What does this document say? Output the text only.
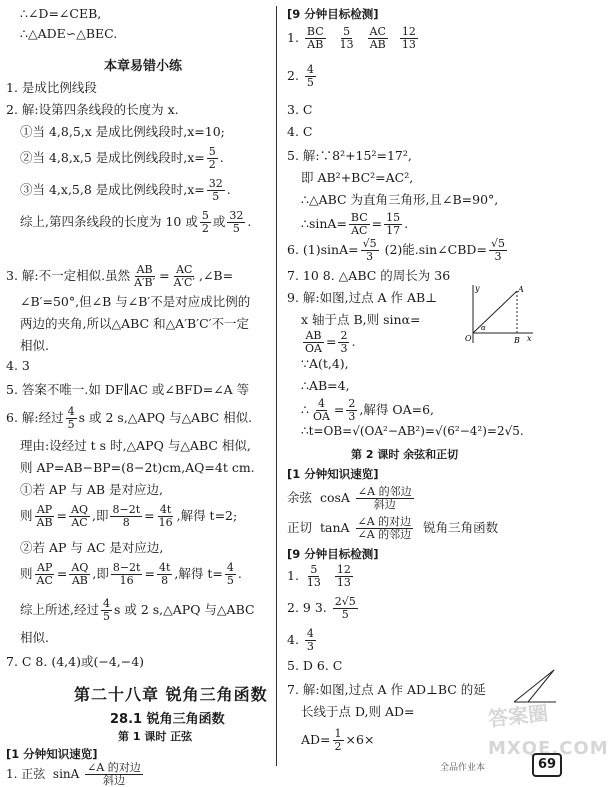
∴∠D=∠CEB,
∴△ADE∽△BEC.
本章易错小练
1. 是成比例线段
2. 解:设第四条线段的长度为 x.
①当 4,8,5,x 是成比例线段时,x=10;
②当 4,8,x,5 是成比例线段时$,x= \frac{5}{2}$ .
③当 4,x,5,8 是成比例线段时$,x= \frac{32}{5}$ .
综上,第四条线段的长度为 10 或 $\frac{5}{2}$ 或 $\frac{32}{5}$ .
3. 解:不一定相似.虽然 $\frac{AB}{A'B'} = \frac{AC}{A'C'}$ ,∠B=
∠B′=50°,但∠B 与∠B′不是对应成比例的
两边的夹角,所以△ABC 和△A′B′C′不一定
相似.
4. 3
5. 答案不唯一.如 DF∥AC 或∠BFD=∠A 等
6. 解:经过 $\frac{4}{5}$ s 或 2 s,△APQ 与△ABC 相似.
理由:设经过 t s 时,△APQ 与△ABC 相似,
则 AP=AB−BP=(8−2t)cm,AQ=4t cm.
①若 AP 与 AB 是对应边,
则 $\frac{AP}{AB} = \frac{AQ}{AC}$ ,即 $\frac{8-2t}{8} = \frac{4t}{16}$ ,解得 t=2;
②若 AP 与 AC 是对应边,
则 $\frac{AP}{AC} = \frac{AQ}{AB}$ ,即 $\frac{8-2t}{16} = \frac{4t}{8}$ ,解得 $t= \frac{4}{5}$ .
综上所述,经过 $\frac{4}{5}$ s 或 2 s,△APQ 与△ABC
相似.
7. C 8. (4,4)或(−4,−4)
第二十八章 锐角三角函数
28.1 锐角三角函数
第 1 课时 正弦
[1 分钟知识速览]
1. 正弦 sinA $\frac{\text{∠A 的对边}}{\text{斜边}}$
[9 分钟目标检测]
1. $\frac{BC}{AB}$
$\frac{5}{13}$
$\frac{AC}{AB}$
$\frac{12}{13}$
2. $\frac{4}{5}$
3. C
4. C
5. 解:∵8²+15²=17²,
即 AB²+BC²=AC²,
∴△ABC 为直角三角形,且∠B=90°,
∴sinA= $\frac{BC}{AC} = \frac{15}{17}$ .
6. $(1)\sin A= \frac{√5}{3} (2)$能.sin∠CBD= $\frac{√5}{3}$
7. 10 8. △ABC 的周长为 36
9. 解:如图,过点 A 作 AB⊥
x 轴于点 B,则 sinα=
$\frac{AB}{OA} = \frac{2}{3}$ .
∵A(t,4),
∴AB=4,
∴ $\frac{4}{OA} = \frac{2}{3}$ ,解得 OA=6,
∴t=OB=√(OA²−AB²)=√(6²−4²)=2√5.
第 2 课时 余弦和正切
[1 分钟知识速览]
余弦 cosA $\frac{\text{∠A 的邻边}}{\text{斜边}}$
正切 tanA $\frac{\text{∠A 的对边}}{\text{∠A 的邻边}}$ 锐角三角函数
[9 分钟目标检测]
1. $\frac{5}{13}$
$\frac{12}{13}$
2. 9 3. $\frac{2√5}{5}$
4. $\frac{4}{3}$
5. D 6. C
7. 解:如图,过点 A 作 AD⊥BC 的延
长线于点 D,则 AD=
$AD= \frac{1}{2} \times 6\times$
y
x
A
O	B
α
答案圈
MXQE.COM
全品作业本	69
